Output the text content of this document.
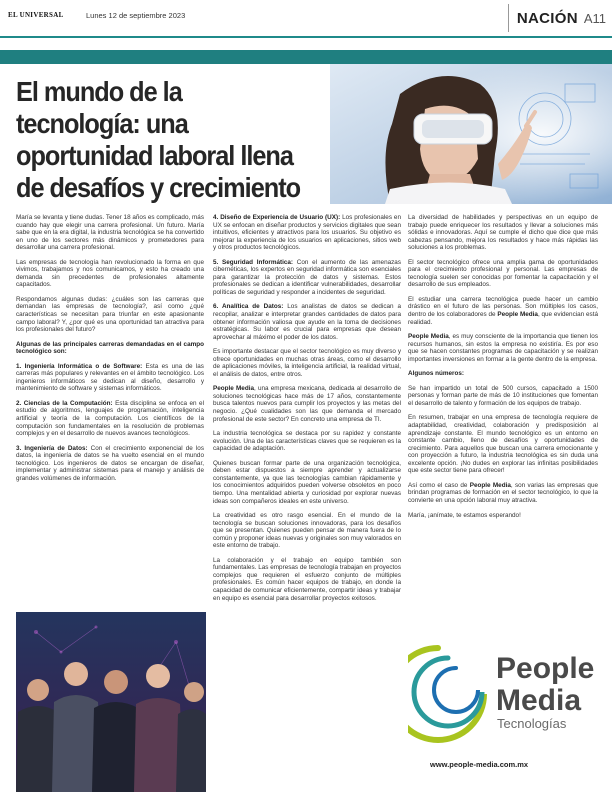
EL UNIVERSAL	Lunes 12 de septiembre 2023	NACIÓN A11
El mundo de la tecnología: una oportunidad laboral llena de desafíos y crecimiento

María se levanta y tiene dudas. Tener 18 años es complicado, más cuando hay que elegir una carrera profesional. Un futuro. María sabe que en la era digital, la industria tecnológica se ha convertido en uno de los sectores más dinámicos y prometedores para desarrollar una carrera profesional.

Las empresas de tecnología han revolucionado la forma en que vivimos, trabajamos y nos comunicamos, y esto ha creado una demanda sin precedentes de profesionales altamente capacitados.

Respondamos algunas dudas: ¿cuáles son las carreras que demandan las empresas de tecnología?, así como ¿qué características se necesitan para triunfar en este apasionante campo laboral? Y, ¿por qué es una oportunidad tan atractiva para los profesionales del futuro?

Algunas de las principales carreras demandadas en el campo tecnológico son:

1. Ingeniería Informática o de Software: Esta es una de las carreras más populares y relevantes en el ámbito tecnológico. Los ingenieros informáticos se dedican al diseño, desarrollo y mantenimiento de software y sistemas informáticos.

2. Ciencias de la Computación: Esta disciplina se enfoca en el estudio de algoritmos, lenguajes de programación, inteligencia artificial y teoría de la computación. Los científicos de la computación son fundamentales en la resolución de problemas complejos y en el desarrollo de nuevos avances tecnológicos.

3. Ingeniería de Datos: Con el crecimiento exponencial de los datos, la ingeniería de datos se ha vuelto esencial en el mundo tecnológico. Los ingenieros de datos se encargan de diseñar, implementar y administrar sistemas para el manejo y análisis de grandes volúmenes de información.

4. Diseño de Experiencia de Usuario (UX): Los profesionales en UX se enfocan en diseñar productos y servicios digitales que sean intuitivos, eficientes y atractivos para los usuarios. Su objetivo es mejorar la experiencia de los usuarios en aplicaciones, sitios web y otros productos tecnológicos.

5. Seguridad Informática: Con el aumento de las amenazas cibernéticas, los expertos en seguridad informática son esenciales para garantizar la protección de datos y sistemas. Estos profesionales se dedican a identificar vulnerabilidades, desarrollar políticas de seguridad y responder a incidentes de seguridad.

6. Analítica de Datos: Los analistas de datos se dedican a recopilar, analizar e interpretar grandes cantidades de datos para obtener información valiosa que ayude en la toma de decisiones estratégicas. Su labor es crucial para empresas que desean aprovechar al máximo el poder de los datos.

Es importante destacar que el sector tecnológico es muy diverso y ofrece oportunidades en muchas otras áreas, como el desarrollo de aplicaciones móviles, la inteligencia artificial, la realidad virtual, el análisis de datos, entre otros.

People Media, una empresa mexicana, dedicada al desarrollo de soluciones tecnológicas hace más de 17 años, constantemente busca talentos nuevos para cumplir los proyectos y las metas del negocio. ¿Qué cualidades son las que demanda el mercado profesional de este sector? En concreto una empresa de TI.

La industria tecnológica se destaca por su rapidez y constante evolución. Una de las características claves que se requieren es la capacidad de adaptación.

Quienes buscan formar parte de una organización tecnológica, deben estar dispuestos a siempre aprender y actualizarse constantemente, ya que las tecnologías cambian rápidamente y los conocimientos adquiridos pueden volverse obsoletos en poco tiempo. Una mentalidad abierta y curiosidad por explorar nuevas ideas son compañeros ideales en este universo.

La creatividad es otro rasgo esencial. En el mundo de la tecnología se buscan soluciones innovadoras, para los desafíos que se presentan. Quienes pueden pensar de manera fuera de lo común y proponer ideas nuevas y originales son muy valorados en este entorno de trabajo.

La colaboración y el trabajo en equipo también son fundamentales. Las empresas de tecnología trabajan en proyectos complejos que requieren el esfuerzo conjunto de múltiples profesionales. Es común hacer equipos de trabajo, en donde la capacidad de comunicar eficientemente, compartir ideas y trabajar en equipo es esencial para desarrollar proyectos exitosos.

La diversidad de habilidades y perspectivas en un equipo de trabajo puede enriquecer los resultados y llevar a soluciones más sólidas e innovadoras. Aquí se cumple el dicho que dice que más cabezas pensando, mejora los resultados y hace más rápidas las soluciones a los problemas.

El sector tecnológico ofrece una amplia gama de oportunidades para el crecimiento profesional y personal. Las empresas de tecnología suelen ser conocidas por fomentar la capacitación y el desarrollo de sus empleados.

El estudiar una carrera tecnológica puede hacer un cambio drástico en el futuro de las personas. Son múltiples los casos, dentro de los colaboradores de People Media, que evidencian está realidad.

People Media, es muy consciente de la importancia que tienen los recursos humanos, sin estos la empresa no existiría. Es por eso que se hacen constantes programas de capacitación y se realizan importantes inversiones en formar a la gente dentro de la empresa.

Algunos números:

Se han impartido un total de 500 cursos, capacitado a 1500 personas y forman parte de más de 10 instituciones que fomentan el desarrollo de talento y formación de los equipos de trabajo.

En resumen, trabajar en una empresa de tecnología requiere de adaptabilidad, creatividad, colaboración y predisposición al aprendizaje constante. El mundo tecnológico es un entorno en constante cambio, lleno de desafíos y oportunidades de crecimiento. Para aquellos que buscan una carrera emocionante y con proyección a futuro, la industria tecnológica es sin duda una excelente opción. ¡No dudes en explorar las infinitas posibilidades que este sector tiene para ofrecer!

Así como el caso de People Media, son varias las empresas que brindan programas de formación en el sector tecnológico, lo que la convierte en una opción laboral muy atractiva.

María, ¡anímate, te estamos esperando!

People
Media
Tecnologías
www.people-media.com.mx
